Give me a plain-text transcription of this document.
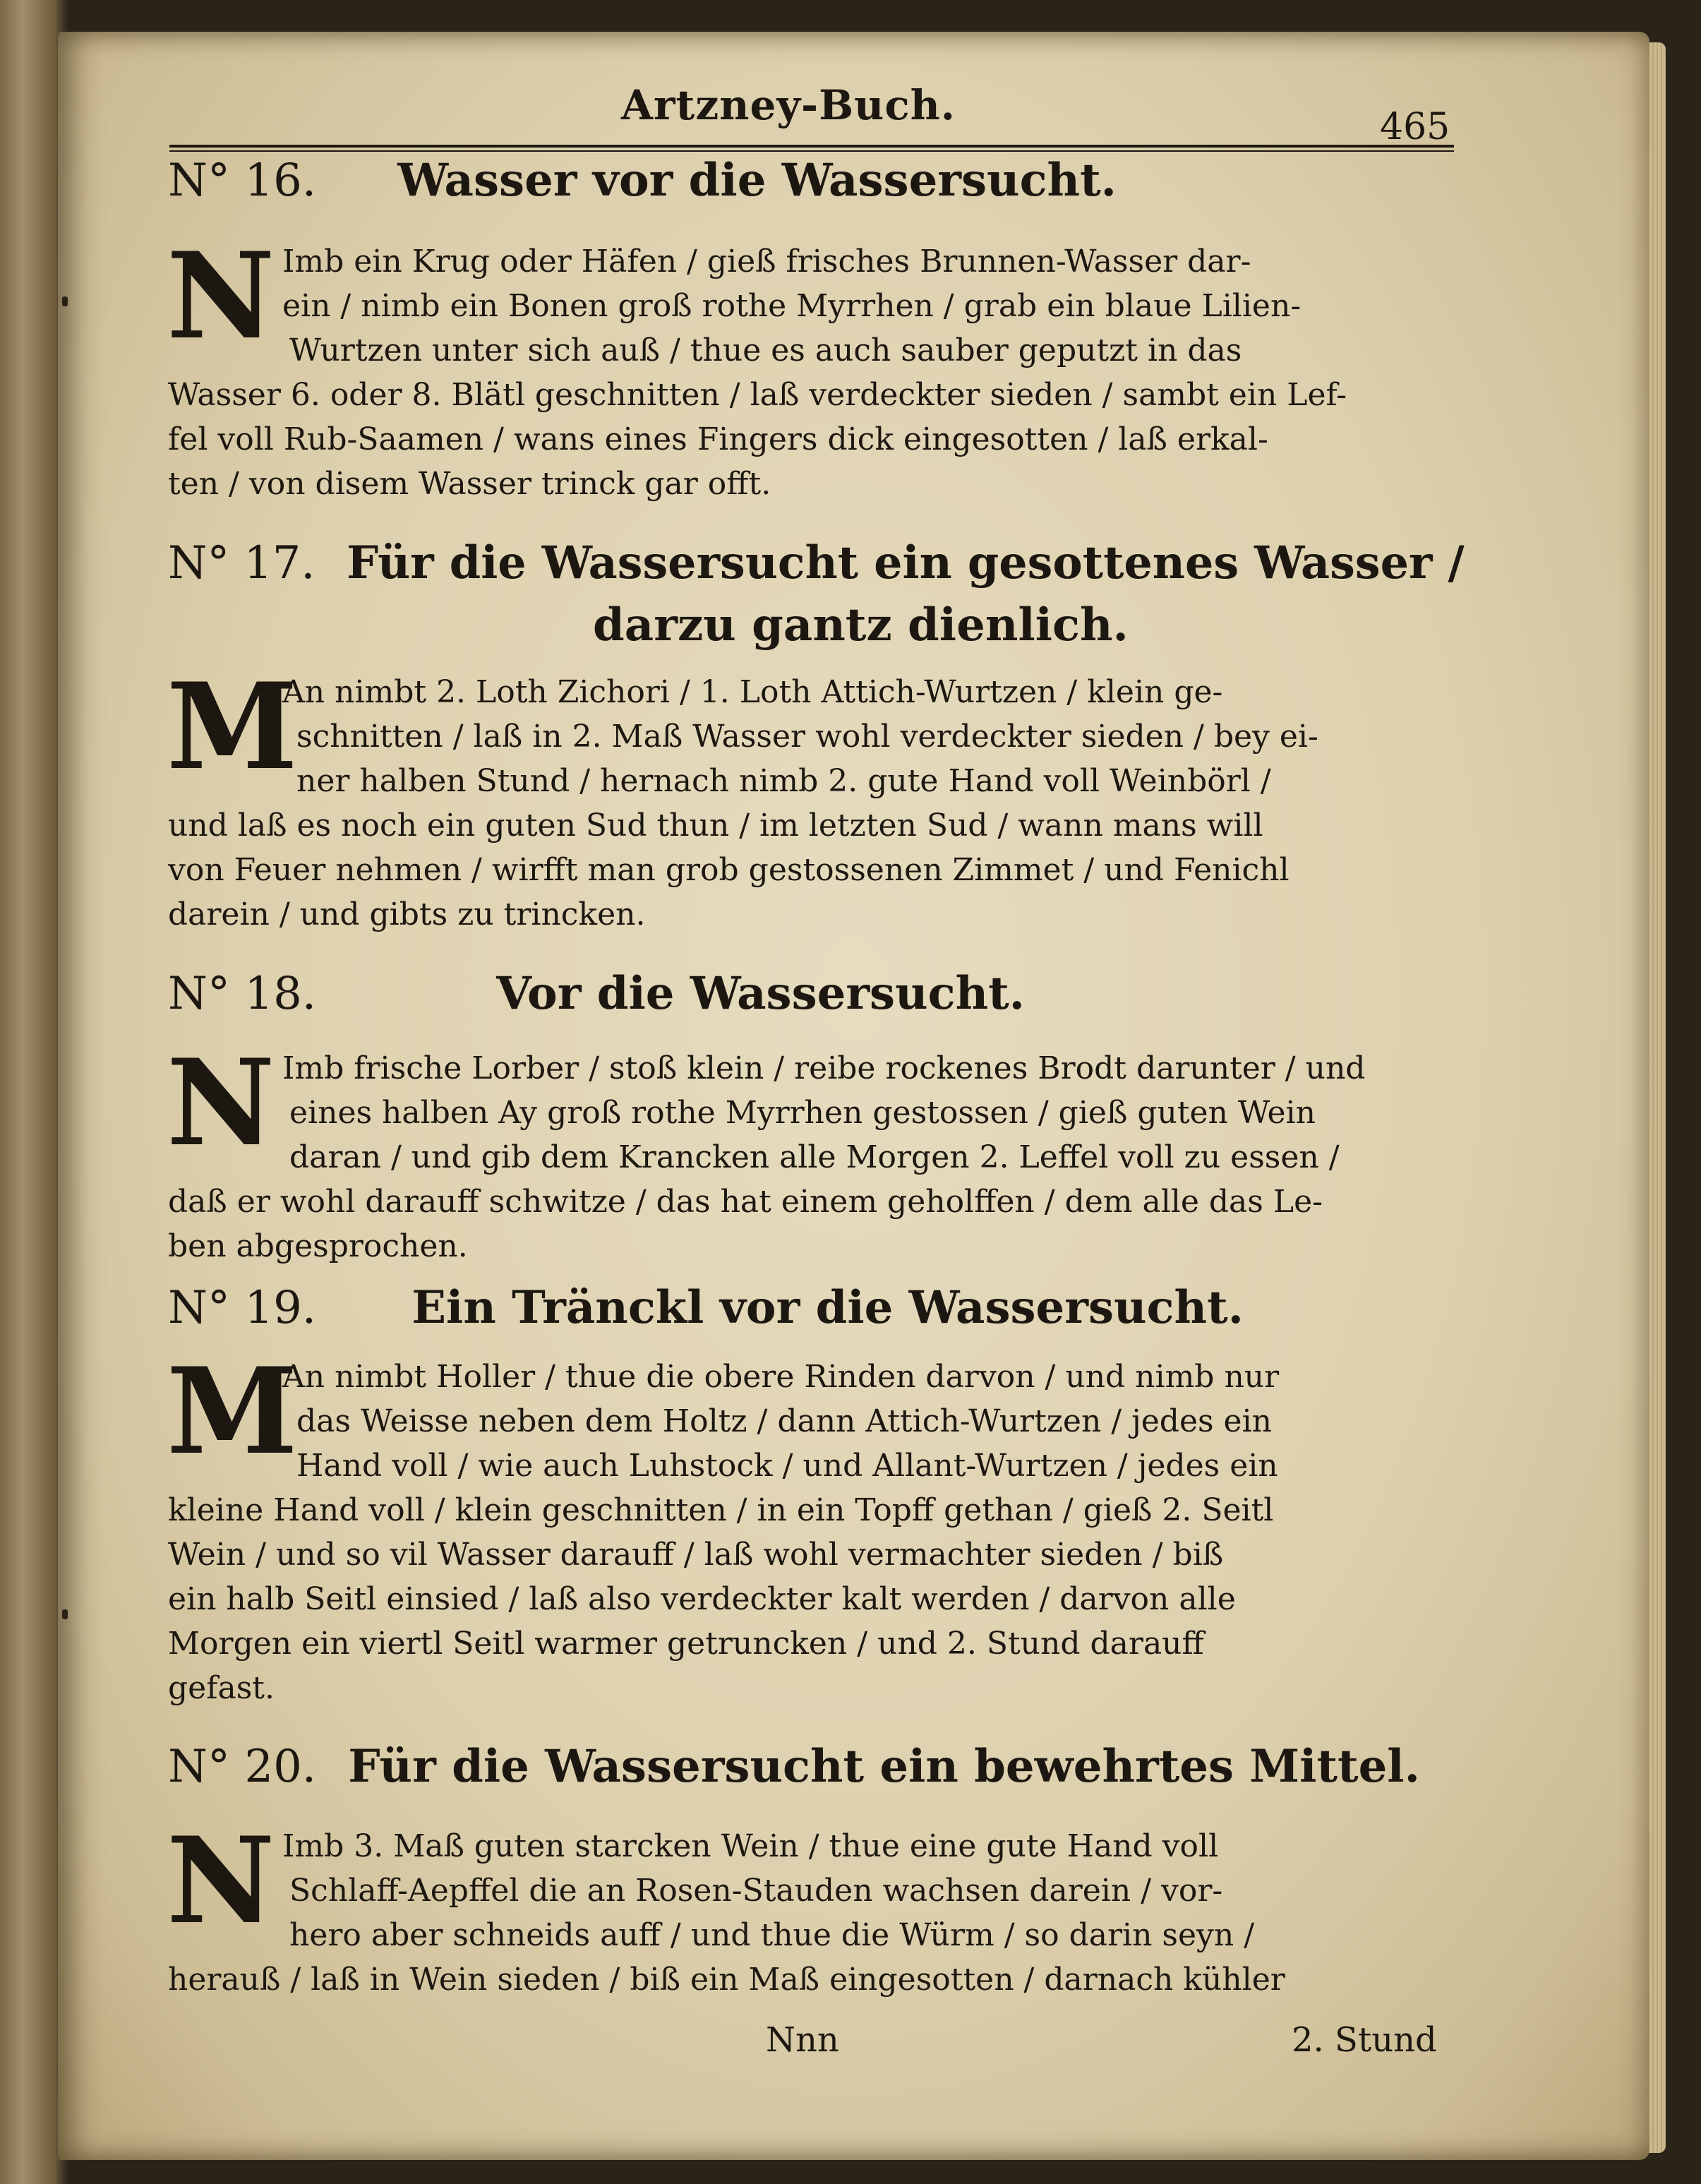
Artzney-Buch.	465
N° 16. Wasser vor die Wassersucht.
N Imb ein Krug oder Häfen / gieß frisches Brunnen-Wasser dar-
ein / nimb ein Bonen groß rothe Myrrhen / grab ein blaue Lilien-
Wurtzen unter sich auß / thue es auch sauber geputzt in das
Wasser 6. oder 8. Blätl geschnitten / laß verdeckter sieden / sambt ein Lef-
fel voll Rub-Saamen / wans eines Fingers dick eingesotten / laß erkal-
ten / von disem Wasser trinck gar offt.
N° 17. Für die Wassersucht ein gesottenes Wasser /
darzu gantz dienlich.
M
An nimbt 2. Loth Zichori / 1. Loth Attich-Wurtzen / klein ge-
schnitten / laß in 2. Maß Wasser wohl verdeckter sieden / bey ei-
ner halben Stund / hernach nimb 2. gute Hand voll Weinbörl /
und laß es noch ein guten Sud thun / im letzten Sud / wann mans will
von Feuer nehmen / wirfft man grob gestossenen Zimmet / und Fenichl
darein / und gibts zu trincken.
N° 18.	Vor die Wassersucht.
N Imb frische Lorber / stoß klein / reibe rockenes Brodt darunter / und
eines halben Ay groß rothe Myrrhen gestossen / gieß guten Wein
daran / und gib dem Krancken alle Morgen 2. Leffel voll zu essen /
daß er wohl darauff schwitze / das hat einem geholffen / dem alle das Le-
ben abgesprochen.
N° 19. Ein Tränckl vor die Wassersucht.
M
An nimbt Holler / thue die obere Rinden darvon / und nimb nur
das Weisse neben dem Holtz / dann Attich-Wurtzen / jedes ein
Hand voll / wie auch Luhstock / und Allant-Wurtzen / jedes ein
kleine Hand voll / klein geschnitten / in ein Topff gethan / gieß 2. Seitl
Wein / und so vil Wasser darauff / laß wohl vermachter sieden / biß
ein halb Seitl einsied / laß also verdeckter kalt werden / darvon alle
Morgen ein viertl Seitl warmer getruncken / und 2. Stund darauff
gefast.
N° 20. Für die Wassersucht ein bewehrtes Mittel.
N Imb 3. Maß guten starcken Wein / thue eine gute Hand voll
Schlaff-Aepffel die an Rosen-Stauden wachsen darein / vor-
hero aber schneids auff / und thue die Würm / so darin seyn /
herauß / laß in Wein sieden / biß ein Maß eingesotten / darnach kühler
Nnn	2. Stund
